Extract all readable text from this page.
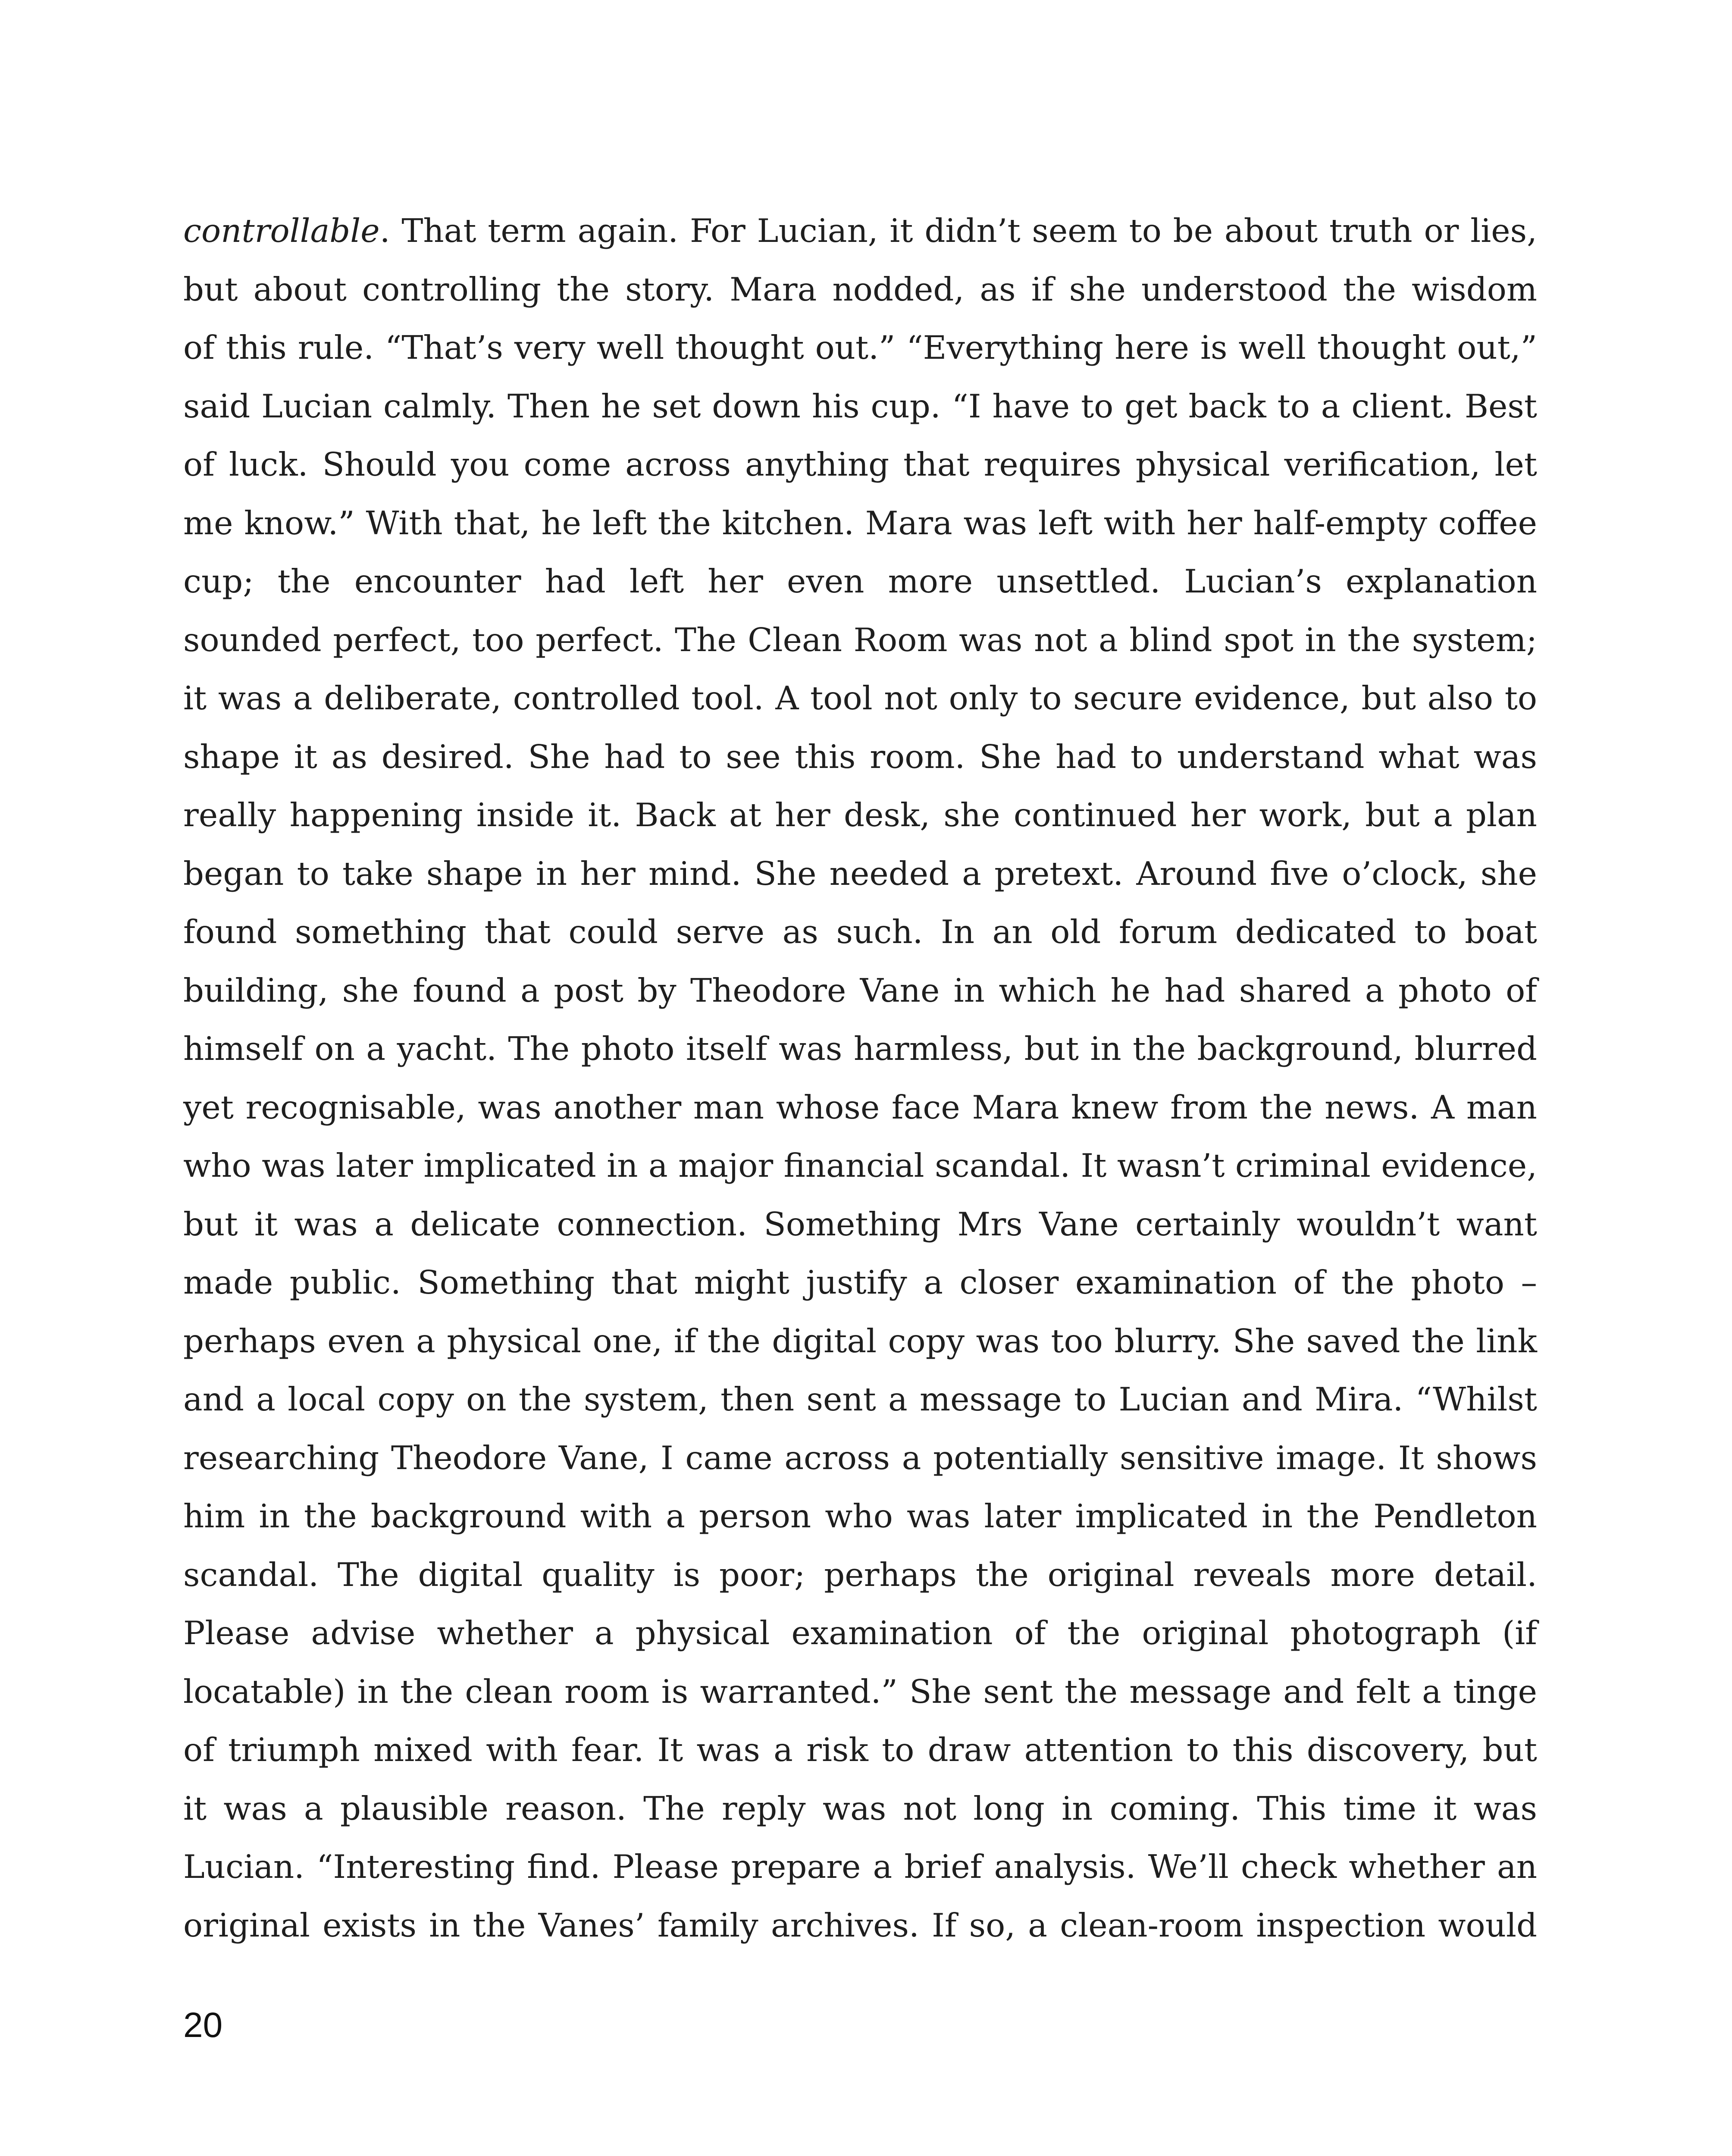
controllable. That term again. For Lucian, it didn’t seem to be about truth or lies,
but about controlling the story. Mara nodded, as if she understood the wisdom
of this rule. “That’s very well thought out.” “Everything here is well thought out,”
said Lucian calmly. Then he set down his cup. “I have to get back to a client. Best
of luck. Should you come across anything that requires physical verification, let
me know.” With that, he left the kitchen. Mara was left with her half-empty coffee
cup; the encounter had left her even more unsettled. Lucian’s explanation
sounded perfect, too perfect. The Clean Room was not a blind spot in the system;
it was a deliberate, controlled tool. A tool not only to secure evidence, but also to
shape it as desired. She had to see this room. She had to understand what was
really happening inside it. Back at her desk, she continued her work, but a plan
began to take shape in her mind. She needed a pretext. Around five o’clock, she
found something that could serve as such. In an old forum dedicated to boat
building, she found a post by Theodore Vane in which he had shared a photo of
himself on a yacht. The photo itself was harmless, but in the background, blurred
yet recognisable, was another man whose face Mara knew from the news. A man
who was later implicated in a major financial scandal. It wasn’t criminal evidence,
but it was a delicate connection. Something Mrs Vane certainly wouldn’t want
made public. Something that might justify a closer examination of the photo –
perhaps even a physical one, if the digital copy was too blurry. She saved the link
and a local copy on the system, then sent a message to Lucian and Mira. “Whilst
researching Theodore Vane, I came across a potentially sensitive image. It shows
him in the background with a person who was later implicated in the Pendleton
scandal. The digital quality is poor; perhaps the original reveals more detail.
Please advise whether a physical examination of the original photograph (if
locatable) in the clean room is warranted.” She sent the message and felt a tinge
of triumph mixed with fear. It was a risk to draw attention to this discovery, but
it was a plausible reason. The reply was not long in coming. This time it was
Lucian. “Interesting find. Please prepare a brief analysis. We’ll check whether an
original exists in the Vanes’ family archives. If so, a clean-room inspection would
20
